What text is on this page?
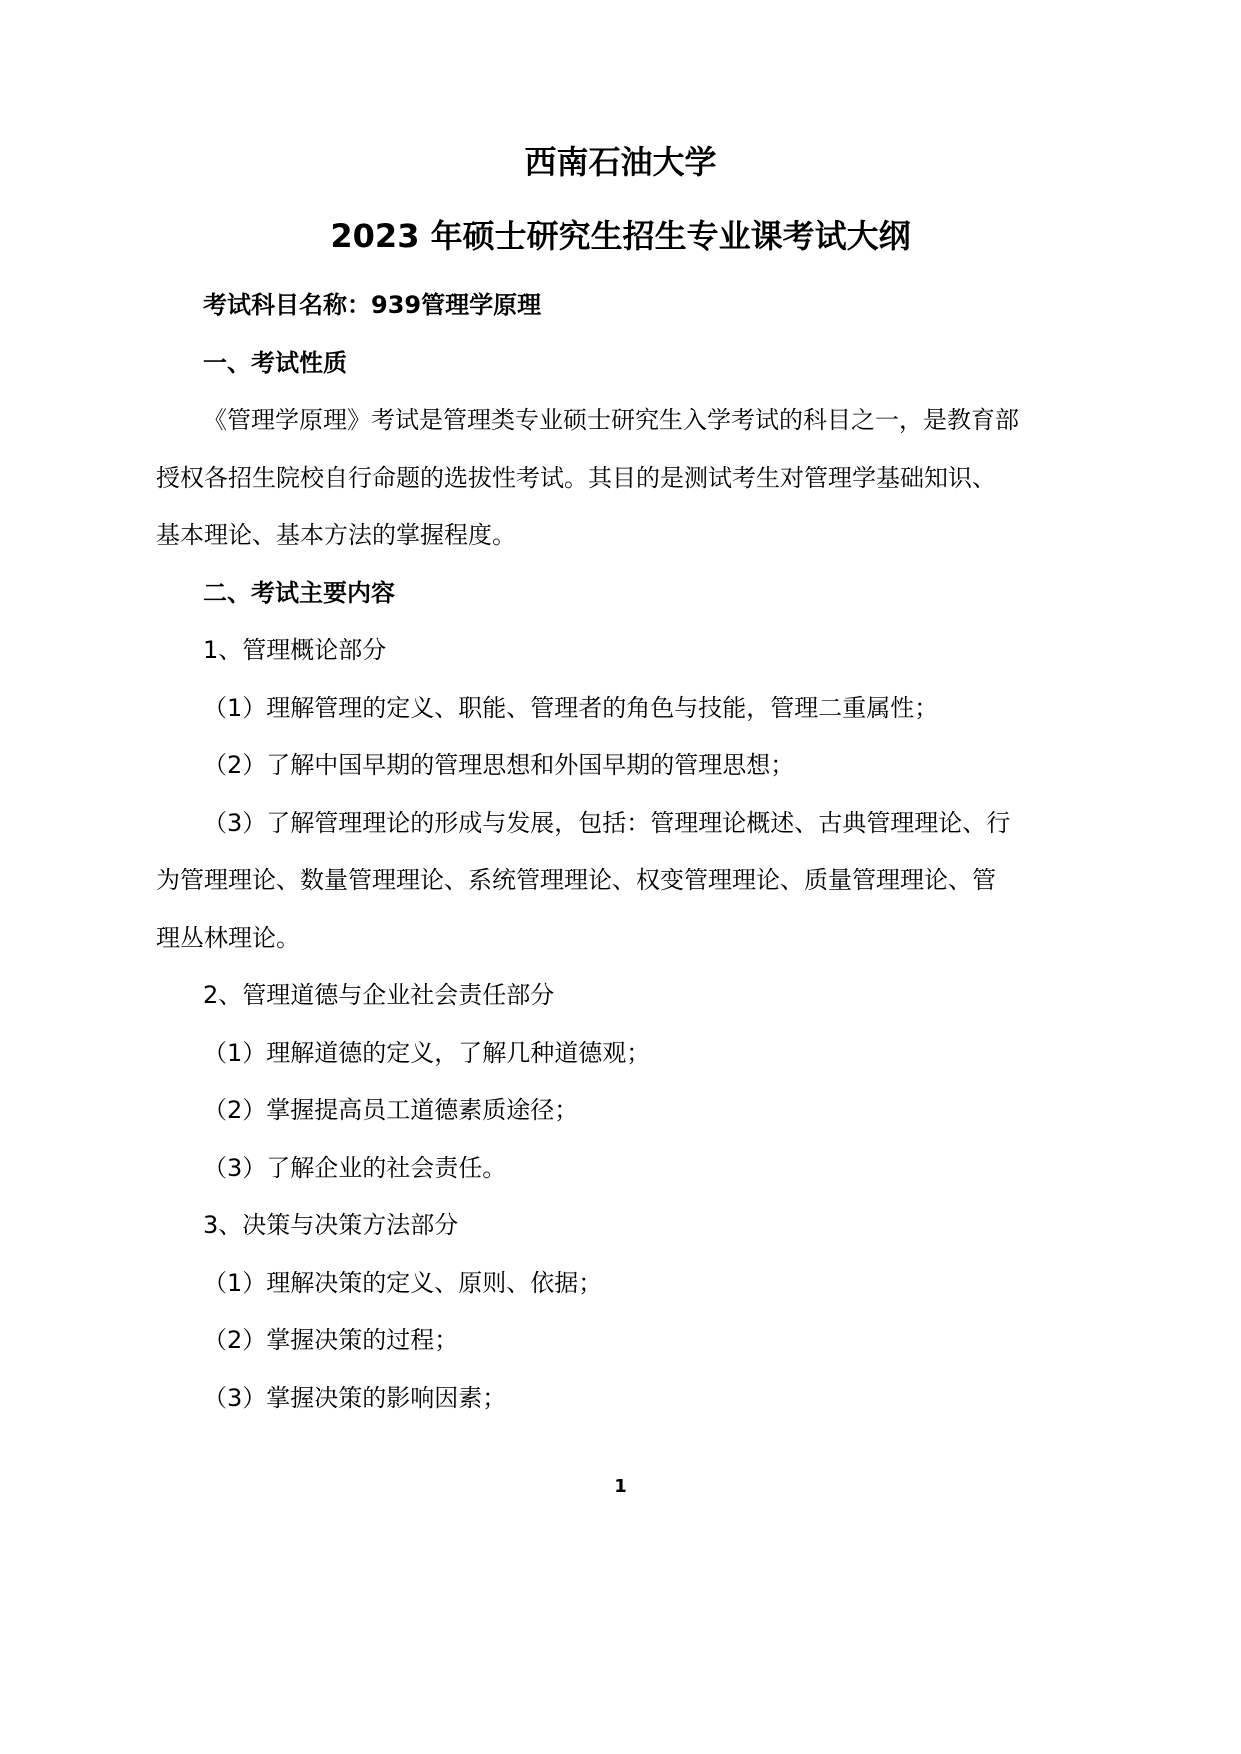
西南石油大学
2023 年硕士研究生招生专业课考试大纲
考试科目名称：939管理学原理
一、考试性质
《管理学原理》考试是管理类专业硕士研究生入学考试的科目之一，是教育部
授权各招生院校自行命题的选拔性考试。其目的是测试考生对管理学基础知识、
基本理论、基本方法的掌握程度。
二、考试主要内容
1、管理概论部分
（1）理解管理的定义、职能、管理者的角色与技能，管理二重属性；
（2）了解中国早期的管理思想和外国早期的管理思想；
（3）了解管理理论的形成与发展，包括：管理理论概述、古典管理理论、行
为管理理论、数量管理理论、系统管理理论、权变管理理论、质量管理理论、管
理丛林理论。
2、管理道德与企业社会责任部分
（1）理解道德的定义，了解几种道德观；
（2）掌握提高员工道德素质途径；
（3）了解企业的社会责任。
3、决策与决策方法部分
（1）理解决策的定义、原则、依据；
（2）掌握决策的过程；
（3）掌握决策的影响因素；
1
